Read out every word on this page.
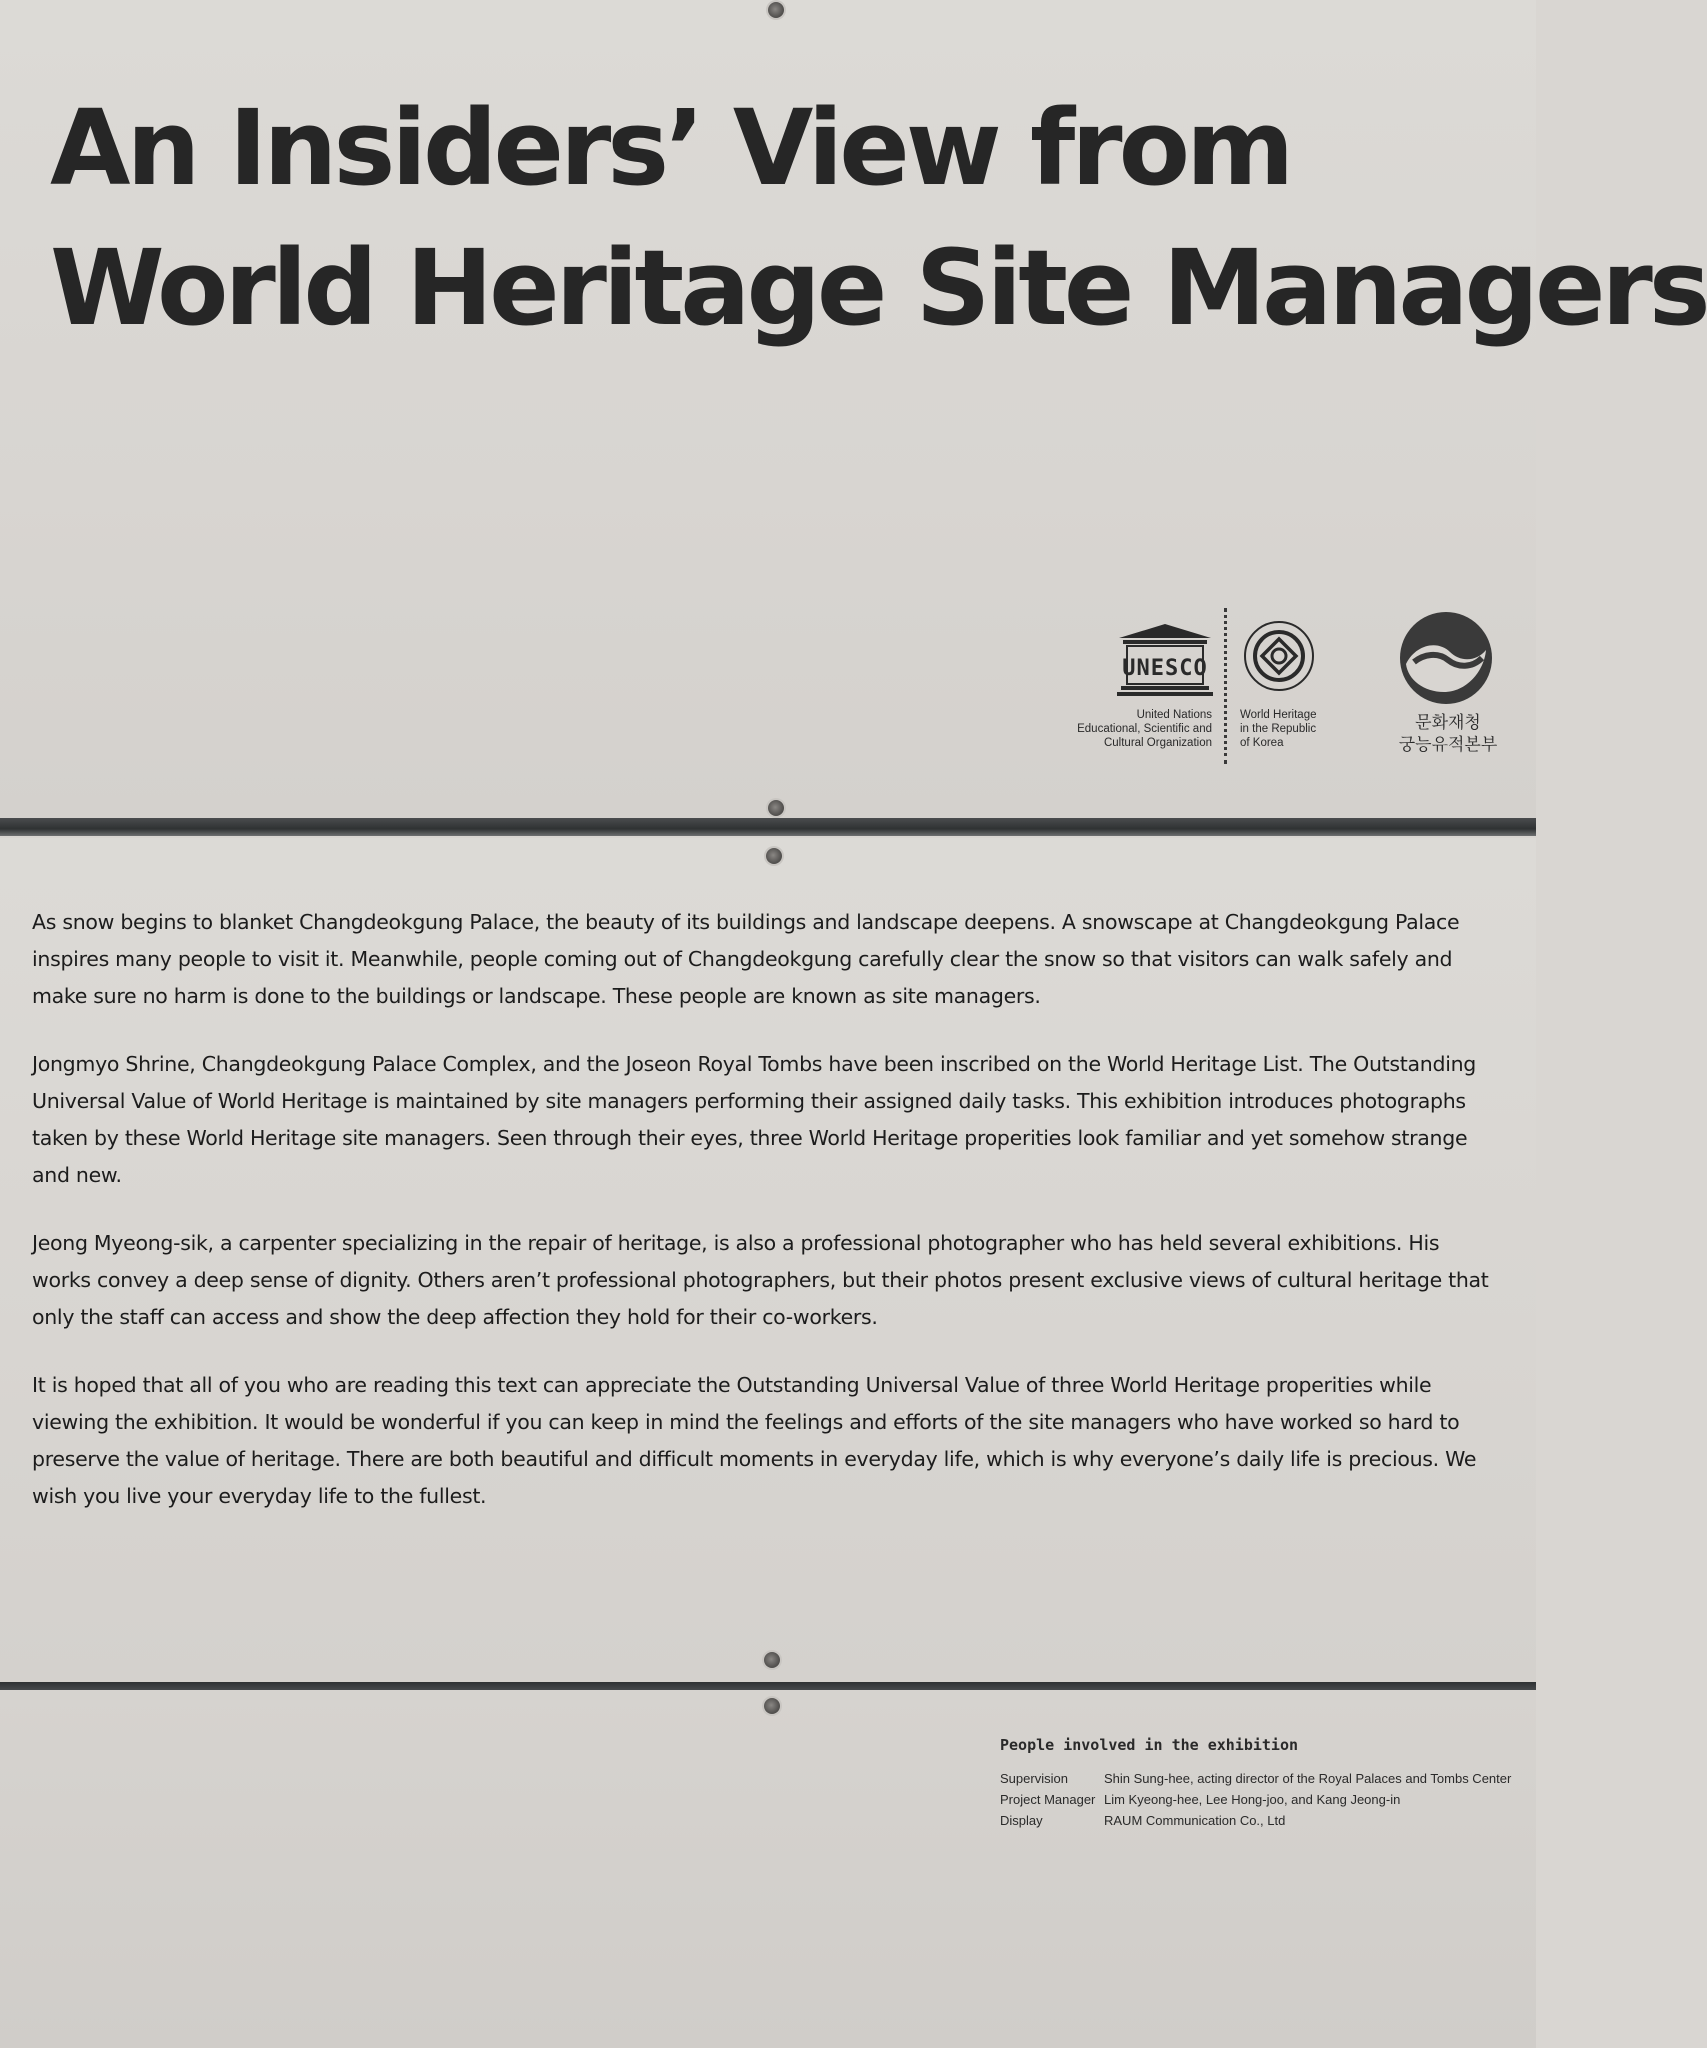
An Insiders’ View from
World Heritage Site Managers
UNESCO
United Nations
Educational, Scientific and
Cultural Organization
World Heritage
in the Republic
of Korea
문화재청
궁능유적본부

As snow begins to blanket Changdeokgung Palace, the beauty of its buildings and landscape deepens. A snowscape at Changdeokgung Palace inspires many people to visit it. Meanwhile, people coming out of Changdeokgung carefully clear the snow so that visitors can walk safely and make sure no harm is done to the buildings or landscape. These people are known as site managers.

Jongmyo Shrine, Changdeokgung Palace Complex, and the Joseon Royal Tombs have been inscribed on the World Heritage List. The Outstanding Universal Value of World Heritage is maintained by site managers performing their assigned daily tasks. This exhibition introduces photographs taken by these World Heritage site managers. Seen through their eyes, three World Heritage properities look familiar and yet somehow strange and new.

Jeong Myeong-sik, a carpenter specializing in the repair of heritage, is also a professional photographer who has held several exhibitions. His works convey a deep sense of dignity. Others aren’t professional photographers, but their photos present exclusive views of cultural heritage that only the staff can access and show the deep affection they hold for their co-workers.

It is hoped that all of you who are reading this text can appreciate the Outstanding Universal Value of three World Heritage properities while viewing the exhibition. It would be wonderful if you can keep in mind the feelings and efforts of the site managers who have worked so hard to preserve the value of heritage. There are both beautiful and difficult moments in everyday life, which is why everyone’s daily life is precious. We wish you live your everyday life to the fullest.

People involved in the exhibition
Supervision	Shin Sung-hee, acting director of the Royal Palaces and Tombs Center
Project Manager Lim Kyeong-hee, Lee Hong-joo, and Kang Jeong-in
Display	RAUM Communication Co., Ltd
